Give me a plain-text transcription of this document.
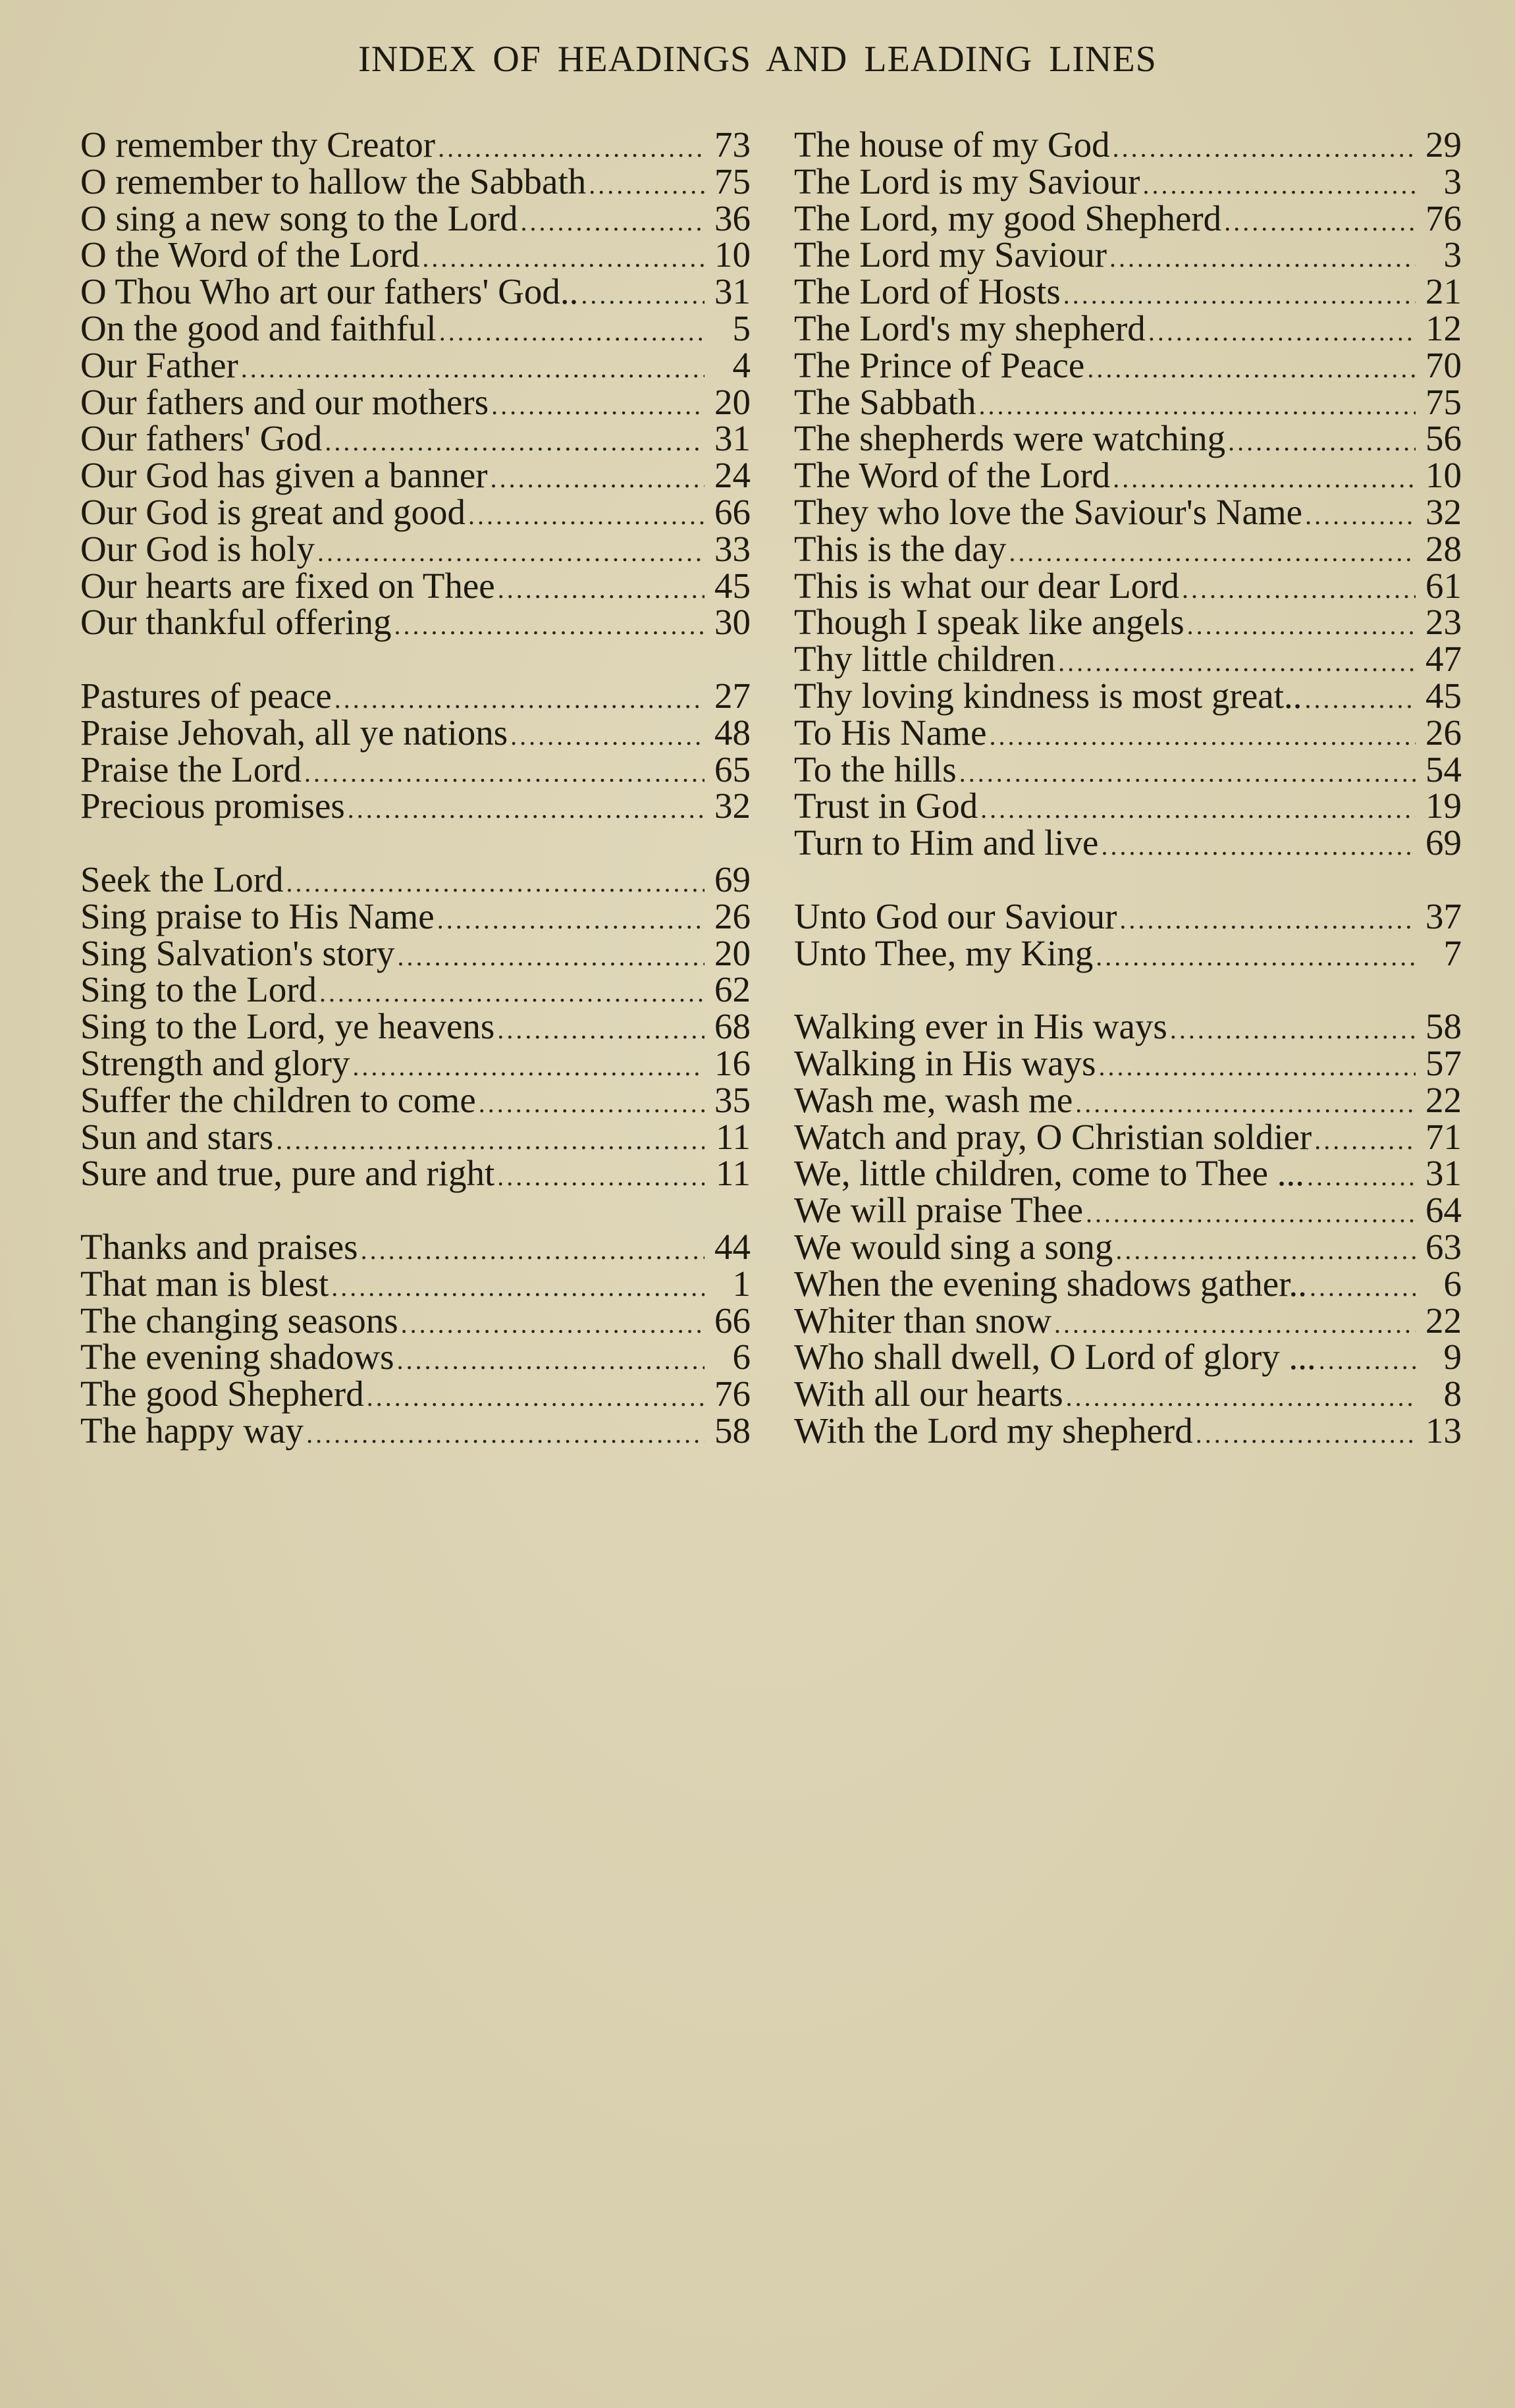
INDEX OF HEADINGS AND LEADING LINES
O remember thy Creator .....	73
O remember to hallow the Sabbath .....	75
O sing a new song to the Lord .....	36
O the Word of the Lord .....	10
O Thou Who art our fathers' God.. .....	31
On the good and faithful .....	5
Our Father .....	4
Our fathers and our mothers .....	20
Our fathers' God .....	31
Our God has given a banner .....	24
Our God is great and good .....	66
Our God is holy .....	33
Our hearts are fixed on Thee .....	45
Our thankful offering .....	30
Pastures of peace .....	27
Praise Jehovah, all ye nations .....	48
Praise the Lord .....	65
Precious promises .....	32
Seek the Lord .....	69
Sing praise to His Name .....	26
Sing Salvation's story .....	20
Sing to the Lord .....	62
Sing to the Lord, ye heavens .....	68
Strength and glory .....	16
Suffer the children to come .....	35
Sun and stars .....	11
Sure and true, pure and right .....	11
Thanks and praises .....	44
That man is blest .....	1
The changing seasons .....	66
The evening shadows .....	6
The good Shepherd .....	76
The happy way .....	58
The house of my God .....	29
The Lord is my Saviour .....	3
The Lord, my good Shepherd .....	76
The Lord my Saviour .....	3
The Lord of Hosts .....	21
The Lord's my shepherd .....	12
The Prince of Peace .....	70
The Sabbath .....	75
The shepherds were watching .....	56
The Word of the Lord .....	10
They who love the Saviour's Name .....	32
This is the day .....	28
This is what our dear Lord .....	61
Though I speak like angels .....	23
Thy little children .....	47
Thy loving kindness is most great.. .....	45
To His Name .....	26
To the hills .....	54
Trust in God .....	19
Turn to Him and live .....	69
Unto God our Saviour .....	37
Unto Thee, my King .....	7
Walking ever in His ways .....	58
Walking in His ways .....	57
Wash me, wash me .....	22
Watch and pray, O Christian soldier .....	71
We, little children, come to Thee ... .....	31
We will praise Thee .....	64
We would sing a song .....	63
When the evening shadows gather.. .....	6
Whiter than snow .....	22
Who shall dwell, O Lord of glory ... .....	9
With all our hearts .....	8
With the Lord my shepherd .....	13
